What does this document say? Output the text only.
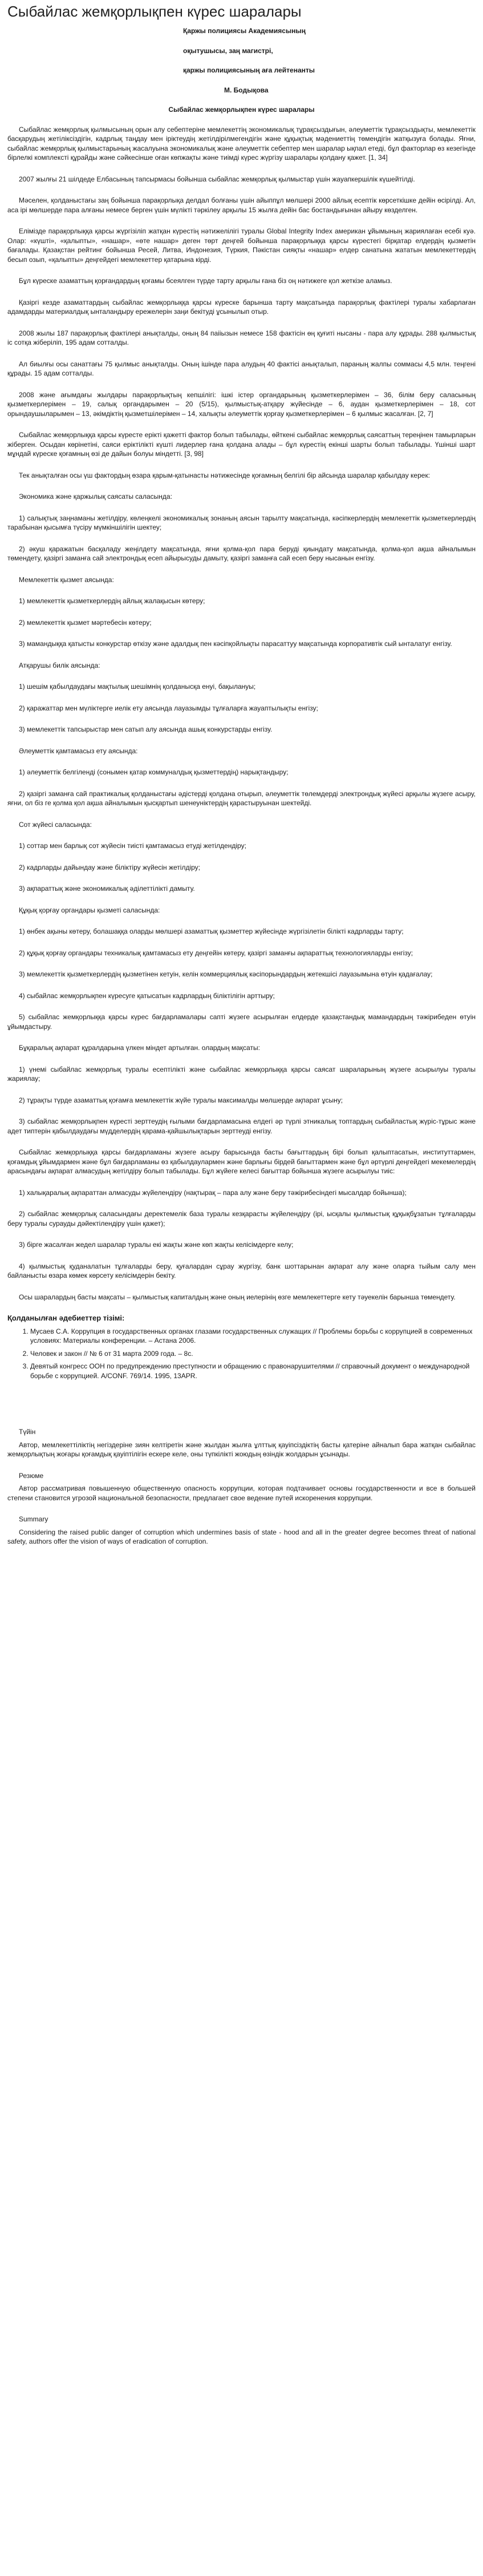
Сыбайлас жемқорлықпен күрес шаралары
Қаржы полициясы Академиясының
оқытушысы, заң магистрі,
қаржы полициясының аға лейтенанты
М. Бодықова
Сыбайлас жемқорлықпен күрес шаралары

Сыбайлас жемқорлық қылмысының орын алу себептеріне мемлекеттің экономикалық тұрақсыздығын, әлеуметтік тұрақсыздықты, мемлекеттік басқарудың жетіліксіздігін, кадрлық таңдау мен іріктеудің жетілдірілмегендігін және құқықтық мәдениеттің төмендігін жатқызуға болады. Яғни, сыбайлас жемқорлық қылмыстарының жасалуына экономикалық және әлеуметтік себептер мен шаралар ықпал етеді, бұл факторлар өз кезегінде бірлелкі комплексті құрайды және сәйкесінше оған көпжақты және тиімді күрес жүргізу шаралары қолдану қажет. [1, 34]

2007 жылғы 21 шілдеде Елбасының тапсырмасы бойынша сыбайлас жемқорлық қылмыстар үшін жауапкершілік күшейтілді.

Мәселен, қолданыстағы заң бойынша парақорлықа делдал болғаны үшін айыппұл мөлшері 2000 айлық есептік көрсеткішке дейін өсірілді. Ал, аса ірі мөлшерде пара алғаны немесе берген үшін мүлікті тәркілеу арқылы 15 жылға дейін бас бостандығынан айыру көзделген.

Елімізде парақорлыққа қарсы жүргізіліп жатқан күрестің нәтижелілігі туралы Global Integrity Index американ ұйымының жариялаған есебі куә. Олар: «күшті», «қалыпты», «нашар», «өте нашар» деген төрт деңгей бойынша парақорлыққа қарсы күрестегі бірқатар елдердің қызметін бағалады. Қазақстан рейтинг бойынша Ресей, Литва, Индонезия, Түркия, Пәкістан сияқты «нашар» елдер санатына жататын мемлекеттердің бесып озып, «қалыпты» деңгейдегі мемлекеттер қатарына кірді.

Бұл күреске азаматтың қорғандардың қоғамы бсеялген түрде тарту арқылы ғана біз оң нәтижеге қол жеткізе аламыз.

Қазіргі кезде азаматтардың сыбайлас жемқорлыққа қарсы күреске барынша тарту мақсатында парақорлық фактілері туралы хабарлаған адамдарды материалдық ынталандыру ережелерін заңи бекітуді ұсынылып отыр.

2008 жылы 187 парақорлық фактілері анықталды, оның 84 паiiызын немесе 158 фактісін өң қуғиті ныcаны - пара алу құрады. 288 қылмыстық іс сотқа жіберіліп, 195 адам сотталды.

Ал биылғы осы санаттағы 75 қылмыс анықталды. Оның ішінде пара алудың 40 фактісі анықталып, параның жалпы соммасы 4,5 млн. теңгені құрады. 15 адам сотталды.

2008 және ағымдағы жылдары парақорлықтың кепшілігі: ішкі істер органдарының қызметкерлерімен – 36, білім беру саласының қызметкерлерімен – 19, салық органдарымен – 20 (5/15), қылмыстық-атқару жүйесінде – 6, аудан қызметкерлерімен – 18, сот орындаушыларымен – 13, әкімдіктің қызметшілерімен – 14, халықты әлеуметтік қорғау қызметкерлерімен – 6 қылмыс жасалған. [2, 7]

Сыбайлас жемқорлыққа қарсы күресте ерікті қажетті фактор болып табылады, өйткені сыбайлас жемқорлық саясаттың тереңінен тамырларын жіберген. Осыдан көрінетіні, саяси еріктілікті күшті лидерлер ғана қолдана алады – бұл күрестің екінші шарты болып табылады. Үшінші шарт мұндай күреске қоғамның өзі де дайын болуы міндетті. [3, 98]

Тек анықталған осы үш фактордың өзара қарым-қатынасты нәтижесінде қоғамның белгілі бір айсында шаралар қабылдау керек:

Экономика және қаржылық саясаты саласында:

1) салықтық заңнаманы жетілдіру, көлеңкелі экономикалық зонаның аясын тарылту мақсатында, кәсіпкерлердің мемлекеттік қызметкерлердің тарабынан қысымға түсіру мүмкіншілігін шектеу;

2) әкуш қаражатын басқаладу жеңілдету мақсатында, яғни қолма-қол пара беруді қиындату мақсатында, қолма-қол ақша айналымын төмендету, қазіргі заманға сай электрондық есеп айырысуды дамыту, қазіргі заманға сай есеп беру ныcанын енгізу.

Мемлекеттік қызмет аясында:

1) мемлекеттік қызметкерлердің айлық жалақысын көтеру;

2) мемлекеттік қызмет мәртебесін көтеру;

3) мамандыққа қатысты конкурстар өткізу және адалдық пен кәсіпқойлықты парасаттуу мақсатында корпоративтік сый ынталатуг енгізу.

Атқарушы билік аясында:

1) шешім қабылдаудағы мақтылық шешімнің қолданысқа енуі, бақылануы;

2) қаражаттар мен мүліктерге иелік ету аясында лауазымды тұлғаларға жауаптылықты енгізу;

3) мемлекеттік тапсырыстар мен сатып алу аясында ашық конкурстарды енгізу.

Әлеуметтік қамтамасыз ету аясында:

1) әлеуметтік белгіленді (сонымен қатар коммуналдық қызметтердің) нарықтандыру;

2) қазіргі заманға сай практикалық қолданыстағы әдістерді қолдана отырып, әлеуметтік төлемдерді электрондық жүйесі арқылы жүзеге асыру, яғни, ол біз ге қолма қол ақша айналымын қысқартып шенеуніктердің қарастыруынан шектейді.

Сот жүйесі саласында:

1) соттар мен барлық сот жүйесін тиісті қамтамасыз етуді жетілдендіру;

2) кадрларды дайындау және біліктіру жүйесін жетілдіру;

3) ақпараттық және экономикалық әділеттілікті дамыту.

Құқық қорғау органдары қызметі саласында:

1) өнбек ақыны көтеру, болашаққа оларды мөлшері азаматтық қызметтер жүйесінде жүргізілетін білікті кадрларды тарту;

2) құқық қорғау органдары техникалық қамтамасыз ету деңгейін көтеру, қазіргі заманғы ақпараттық технологияларды енгізу;

3) мемлекеттік қызметкерлердің қызметінен кетуін, келін коммерциялық кәсіпорындардың жетекшісі лауазымына өтуін қадағалау;

4) сыбайлас жемқорлықпен күресуге қатысатын кадрлардың біліктілігін арттыру;

5) сыбайлас жемқорлыққа қарсы күрес бағдарламалары сапті жүзеге асырылған елдерде қазақстандық мамандардың тәжірибеден өтуін ұйымдастыру.

Бұқаралық ақпарат құралдарына үлкен міндет артылған. олардың мақсаты:

1) үнемі сыбайлас жемқорлық туралы есептілікті және сыбайлас жемқорлыққа қарсы саясат шараларының жүзеге асырылуы туралы жариялау;

2) тұрақты түрде азаматтық қоғамға мемлекеттік жүйе туралы максималды мөлшерде ақпарат ұсыну;

3) сыбайлас жемқорлықпен күресті зерттеудің ғылыми бағдарламасына елдегі әр түрлі этникалық топтардың сыбайластық жүріс-тұрыс және адет типтерін қабылдаудағы мүдделердің қарама-қайшылықтарын зерттеуді енгізу.

Сыбайлас жемқорлыққа қарсы бағдарламаны жүзеге асыру барысында басты бағыттардың бірі болып қалыптасатын, институттармен, қоғамдық ұйымдармен және бұл бағдарламаны өз қабылдаулармен және барлығы бірдей бағыттармен және бұл әртүрлі деңгейдегі мекемелердің арасындағы ақпарат алмасудың жетілдіру болып табылады. Бұл жүйеге келесі бағыттар бойынша жүзеге асырылуы тиіс:

1) халықаралық ақпараттан алмасуды жүйелендіру (нақтырақ – пара алу және беру тәжірибесіндегі мысалдар бойынша);

2) сыбайлас жемқорлық саласындағы деректемелік база туралы кезқарасты жүйелендіру (ірі, ысқалы қылмыстық құқықбұзатын тұлғаларды беру туралы сурауды дәйектілендіру үшін қажет);

3) бірге жасалған жедел шаралар туралы екі жақты және көп жақты келісімдерге келу;

4) қылмыстық қуданалатын тұлғаларды беру, қуғалардан сұрау жүргізу, банк шоттарынан ақпарат алу және оларға тыйым салу мен байланысты өзара көмек көрсету келісімдерін бекіту.

Осы шаралардың басты мақсаты – қылмыстық капиталдың және оның иелерінің өзге мемлекеттерге кету тәуекелін барынша төмендету.

Қолданылған әдебиеттер тізімі:
1. Мусаев С.А. Коррупция в государственных органах глазами государственных служащих // Проблемы борьбы с коррупцией в современных условиях: Материалы конференции. – Астана 2006.
2. Человек и закон // № 6 от 31 марта 2009 года. – 8с.
3. Девятый конгресс ООН по предупреждению преступности и обращению с правонарушителями // справочный документ о международной борьбе с коррупцией. A/CONF. 769/14. 1995, 13APR.

Түйін

Автор, мемлекеттіліктің негіздеріне зиян келтіретін және жылдан жылға ұлттық қауіпсіздіктің басты қатеріне айналып бара жатқан сыбайлас жемқорлықтың жоғары қоғамдық қауіптілігін ескере келе, оны түпкілікті жоюдың өзіндік жолдарын ұсынады.

Резюме

Автор рассматривая повышенную общественную опасность коррупции, которая подтачивает основы государственности и все в большей степени становится угрозой национальной безопасности, предлагает свое ведение путей искоренения коррупции.

Summary

Considering the raised public danger of corruption which undermines basis of state - hood and all in the greater degree becomes threat of national safety, authors offer the vision of ways of eradication of corruption.
